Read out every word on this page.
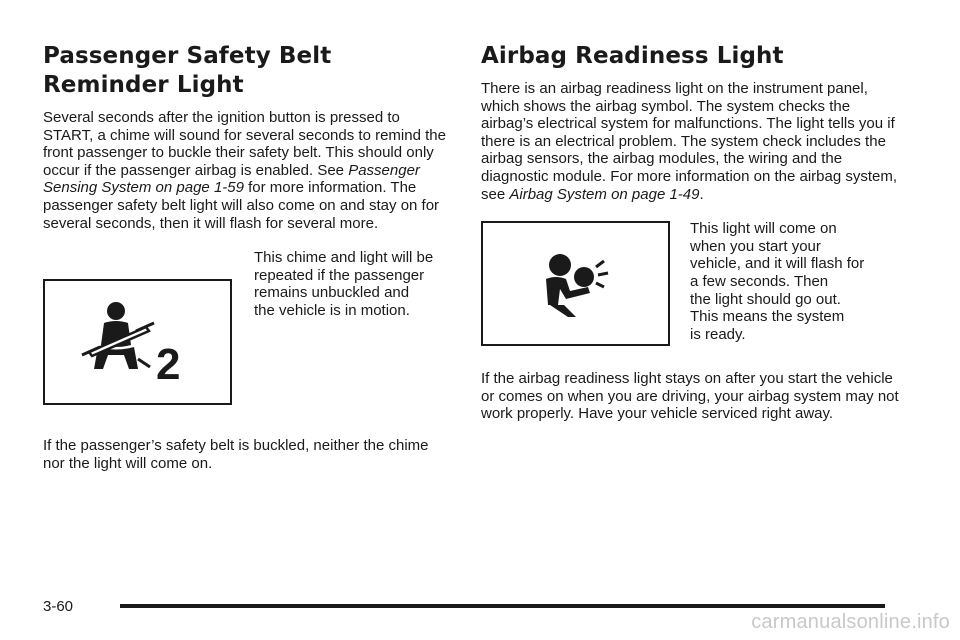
Passenger Safety Belt
Reminder Light

Several seconds after the ignition button is pressed to START, a chime will sound for several seconds to remind the front passenger to buckle their safety belt. This should only occur if the passenger airbag is enabled. See Passenger Sensing System on page 1-59 for more information. The passenger safety belt light will also come on and stay on for several seconds, then it will flash for several more.

2

This chime and light will be

repeated if the passenger

remains unbuckled and

the vehicle is in motion.

If the passenger’s safety belt is buckled, neither the chime nor the light will come on.

Airbag Readiness Light

There is an airbag readiness light on the instrument panel, which shows the airbag symbol. The system checks the airbag’s electrical system for malfunctions. The light tells you if there is an electrical problem. The system check includes the airbag sensors, the airbag modules, the wiring and the diagnostic module. For more information on the airbag system, see Airbag System on page 1-49.

This light will come on

when you start your

vehicle, and it will flash for

a few seconds. Then

the light should go out.

This means the system

is ready.

If the airbag readiness light stays on after you start the vehicle or comes on when you are driving, your airbag system may not work properly. Have your vehicle serviced right away.

3-60
carmanualsonline.info
